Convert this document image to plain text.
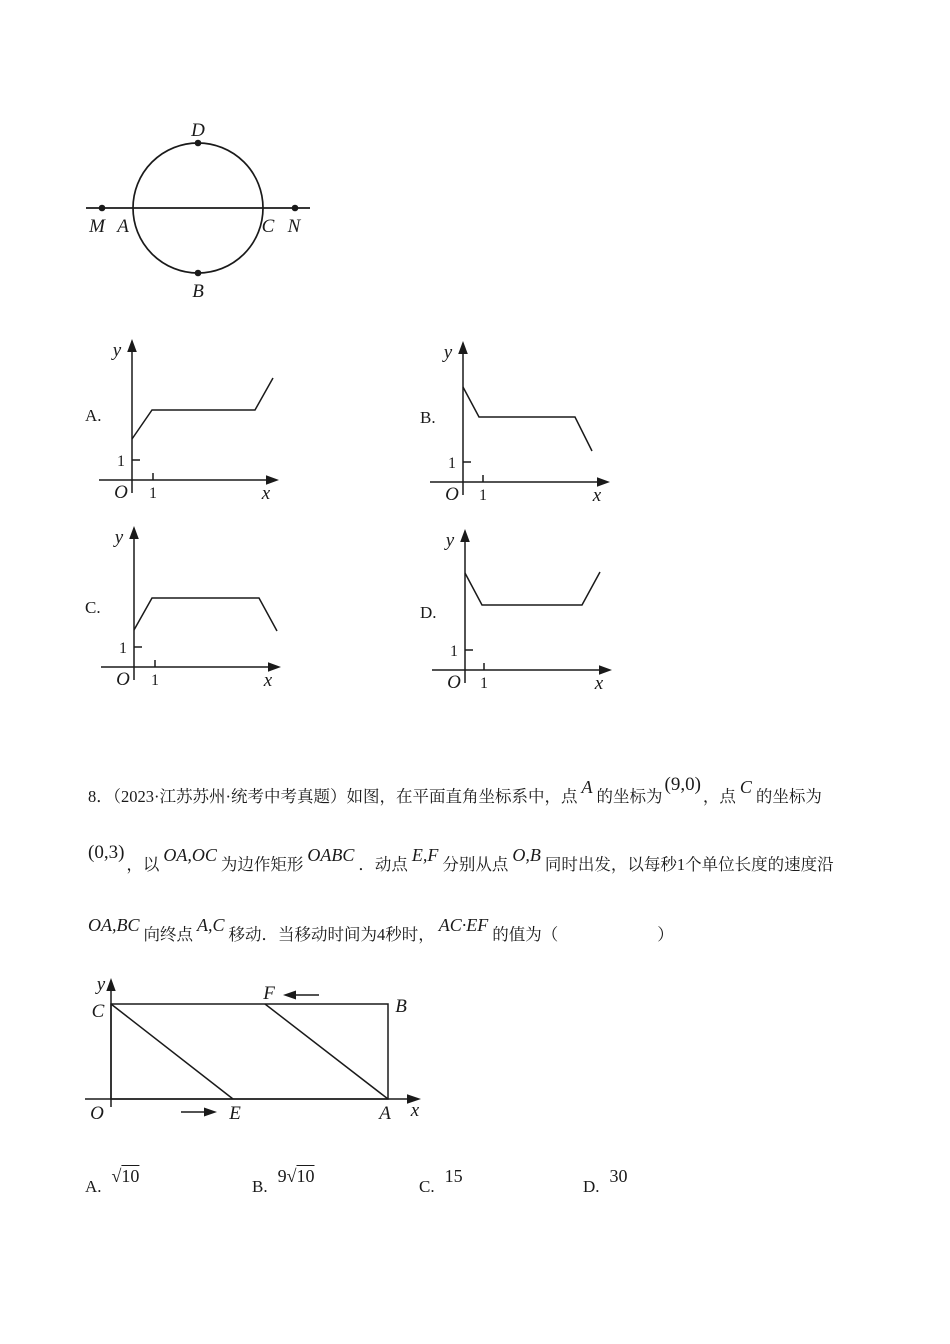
D
B
M A	C N
A.
y
x
O
1
1
B.
y
x
O
1
1
C.
y
x
O
1
1
D.
y
x
O
1
1
8．（2023·江苏苏州·统考中考真题）如图，在平面直角坐标系中，点 A 的坐标为(9,0)，点 C 的坐标为
(0,3)，以 OA,OC 为边作矩形 OABC ．动点 E,F 分别从点 O,B 同时出发，以每秒1个单位长度的速度沿
OA,BC 向终点 A,C 移动．当移动时间为4秒时， AC·EF 的值为（　　　　　　）
y
x
O
C	B
F
E	A
A.√10
B.9√10
C.15
D.30
